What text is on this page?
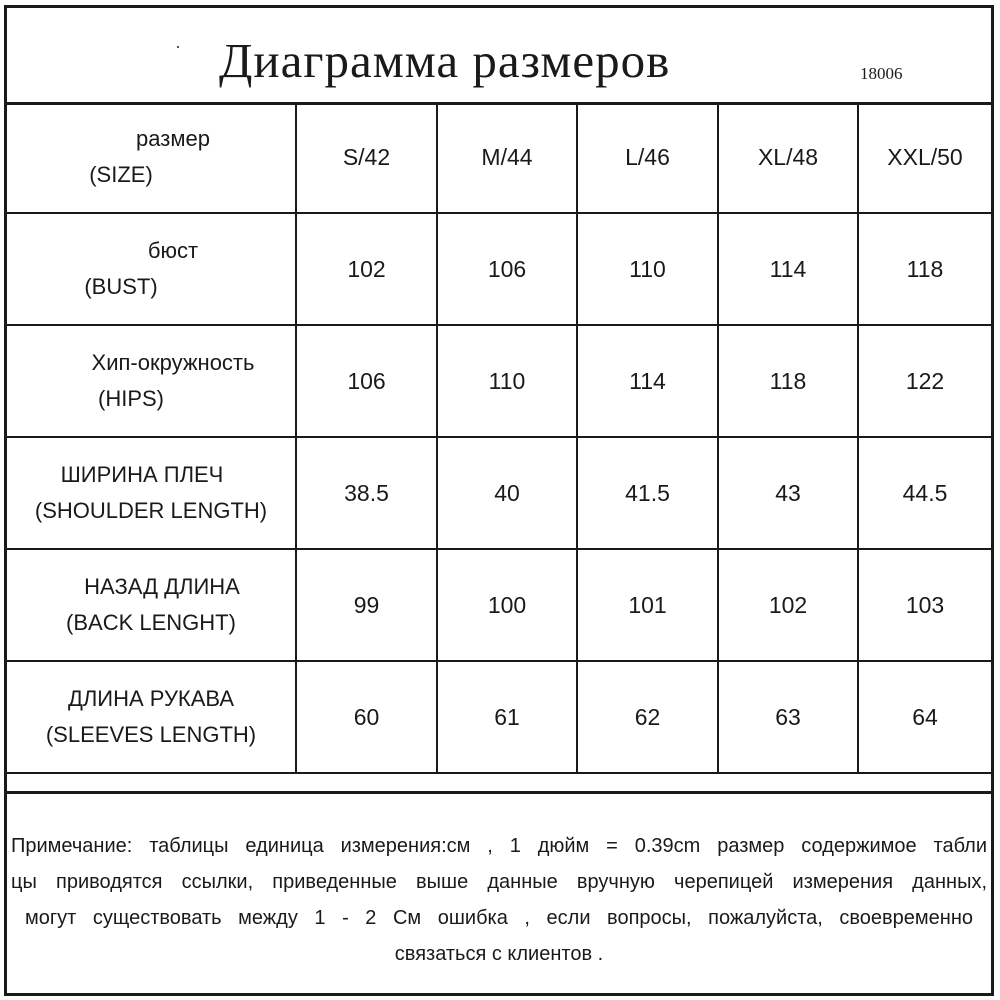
Диаграмма размеров	18006
размер
(SIZE)	S/42	M/44	L/46	XL/48	XXL/50

бюст
(BUST)	102	106	110	114	118

Хип-окружность
(HIPS)	106	110	114	118	122

ШИРИНА ПЛЕЧ
(SHOULDER LENGTH)	38.5	40	41.5	43	44.5

НАЗАД ДЛИНА
(BACK LENGHT)	99	100	101	102	103

ДЛИНА РУКАВА
(SLEEVES LENGTH)	60	61	62	63	64
Примечание: таблицы единица измерения:см , 1 дюйм = 0.39cm размер содержимое табли
цы приводятся ссылки, приведенные выше данные вручную черепицей измерения данных,
могут существовать между 1 - 2 См ошибка , если вопросы, пожалуйста, своевременно
связаться с клиентов .
